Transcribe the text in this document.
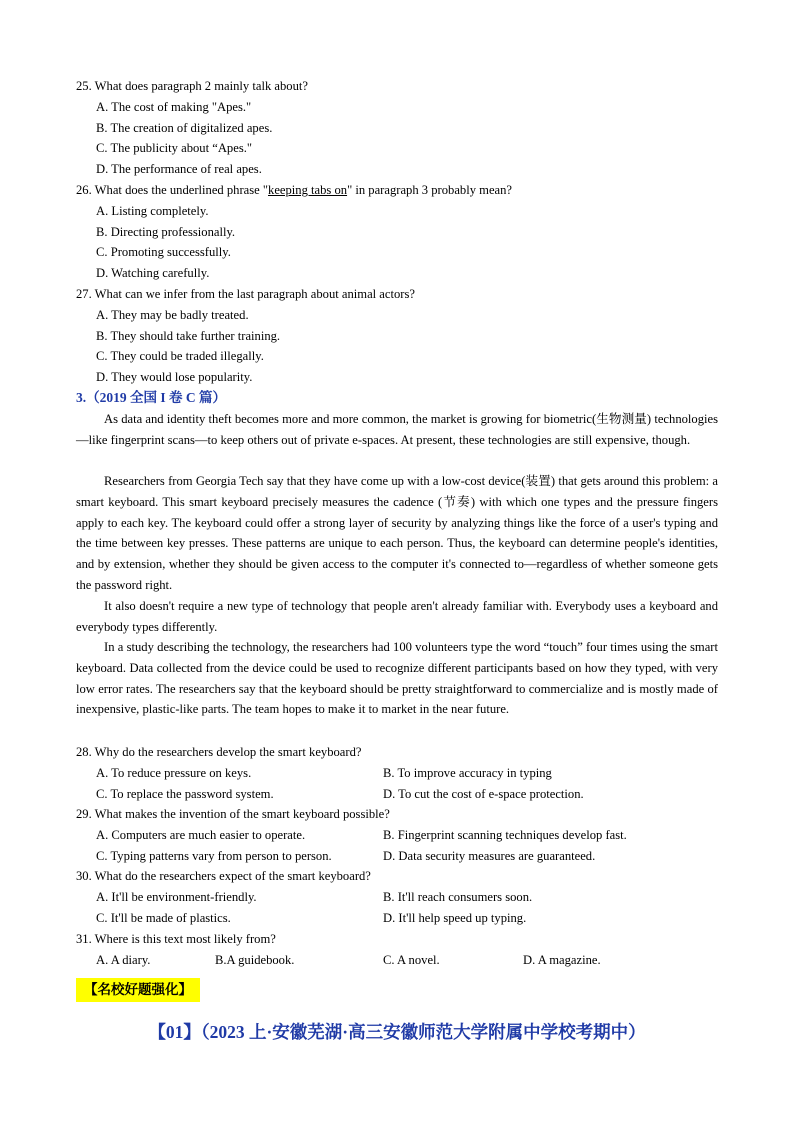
25. What does paragraph 2 mainly talk about?
A. The cost of making "Apes."
B. The creation of digitalized apes.
C. The publicity about “Apes."
D. The performance of real apes.
26. What does the underlined phrase "keeping tabs on" in paragraph 3 probably mean?
A. Listing completely.
B. Directing professionally.
C. Promoting successfully.
D. Watching carefully.
27. What can we infer from the last paragraph about animal actors?
A. They may be badly treated.
B. They should take further training.
C. They could be traded illegally.
D. They would lose popularity.
3.（2019 全国 I 卷 C 篇）

As data and identity theft becomes more and more common, the market is growing for biometric(生物测量) technologies—like fingerprint scans—to keep others out of private e-spaces. At present, these technologies are still expensive, though.

Researchers from Georgia Tech say that they have come up with a low-cost device(装置) that gets around this problem: a smart keyboard. This smart keyboard precisely measures the cadence (节奏) with which one types and the pressure fingers apply to each key. The keyboard could offer a strong layer of security by analyzing things like the force of a user's typing and the time between key presses. These patterns are unique to each person. Thus, the keyboard can determine people's identities, and by extension, whether they should be given access to the computer it's connected to—regardless of whether someone gets the password right.

It also doesn't require a new type of technology that people aren't already familiar with. Everybody uses a keyboard and everybody types differently.

In a study describing the technology, the researchers had 100 volunteers type the word “touch” four times using the smart keyboard. Data collected from the device could be used to recognize different participants based on how they typed, with very low error rates. The researchers say that the keyboard should be pretty straightforward to commercialize and is mostly made of inexpensive, plastic-like parts. The team hopes to make it to market in the near future.

28. Why do the researchers develop the smart keyboard?
A. To reduce pressure on keys.	B. To improve accuracy in typing
C. To replace the password system.	D. To cut the cost of e-space protection.
29. What makes the invention of the smart keyboard possible?
A. Computers are much easier to operate.	B. Fingerprint scanning techniques develop fast.
C. Typing patterns vary from person to person.	D. Data security measures are guaranteed.
30. What do the researchers expect of the smart keyboard?
A. It'll be environment-friendly.	B. It'll reach consumers soon.
C. It'll be made of plastics.	D. It'll help speed up typing.
31. Where is this text most likely from?
A. A diary.	B.A guidebook.	C. A novel.	D. A magazine.
【名校好题强化】
【01】（2023 上·安徽芜湖·高三安徽师范大学附属中学校考期中）
